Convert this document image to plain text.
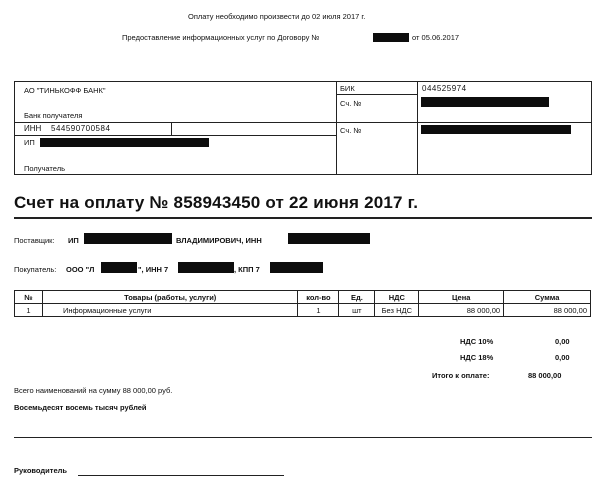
Оплату необходимо произвести до 02 июля 2017 г.
Предоставление информационных услуг по Договору №	от 05.06.2017
АО "ТИНЬКОФФ БАНК"
Банк получателя
ИНН 544590700584
ИП
Получатель
БИК	044525974
Сч. №
Сч. №
Счет на оплату № 858943450 от 22 июня 2017 г.
Поставщик: ИП	ВЛАДИМИРОВИЧ, ИНН
Покупатель: ООО "Л	", ИНН 7	, КПП 7
№	Товары (работы, услуги)	кол-во	Ед.	НДС	Цена	Сумма
1	Информационные услуги	1	шт	Без НДС	88 000,00	88 000,00
НДС 10%	0,00
НДС 18%	0,00
Итого к оплате:	88 000,00
Всего наименований на сумму 88 000,00 руб.
Восемьдесят восемь тысяч рублей
Руководитель
